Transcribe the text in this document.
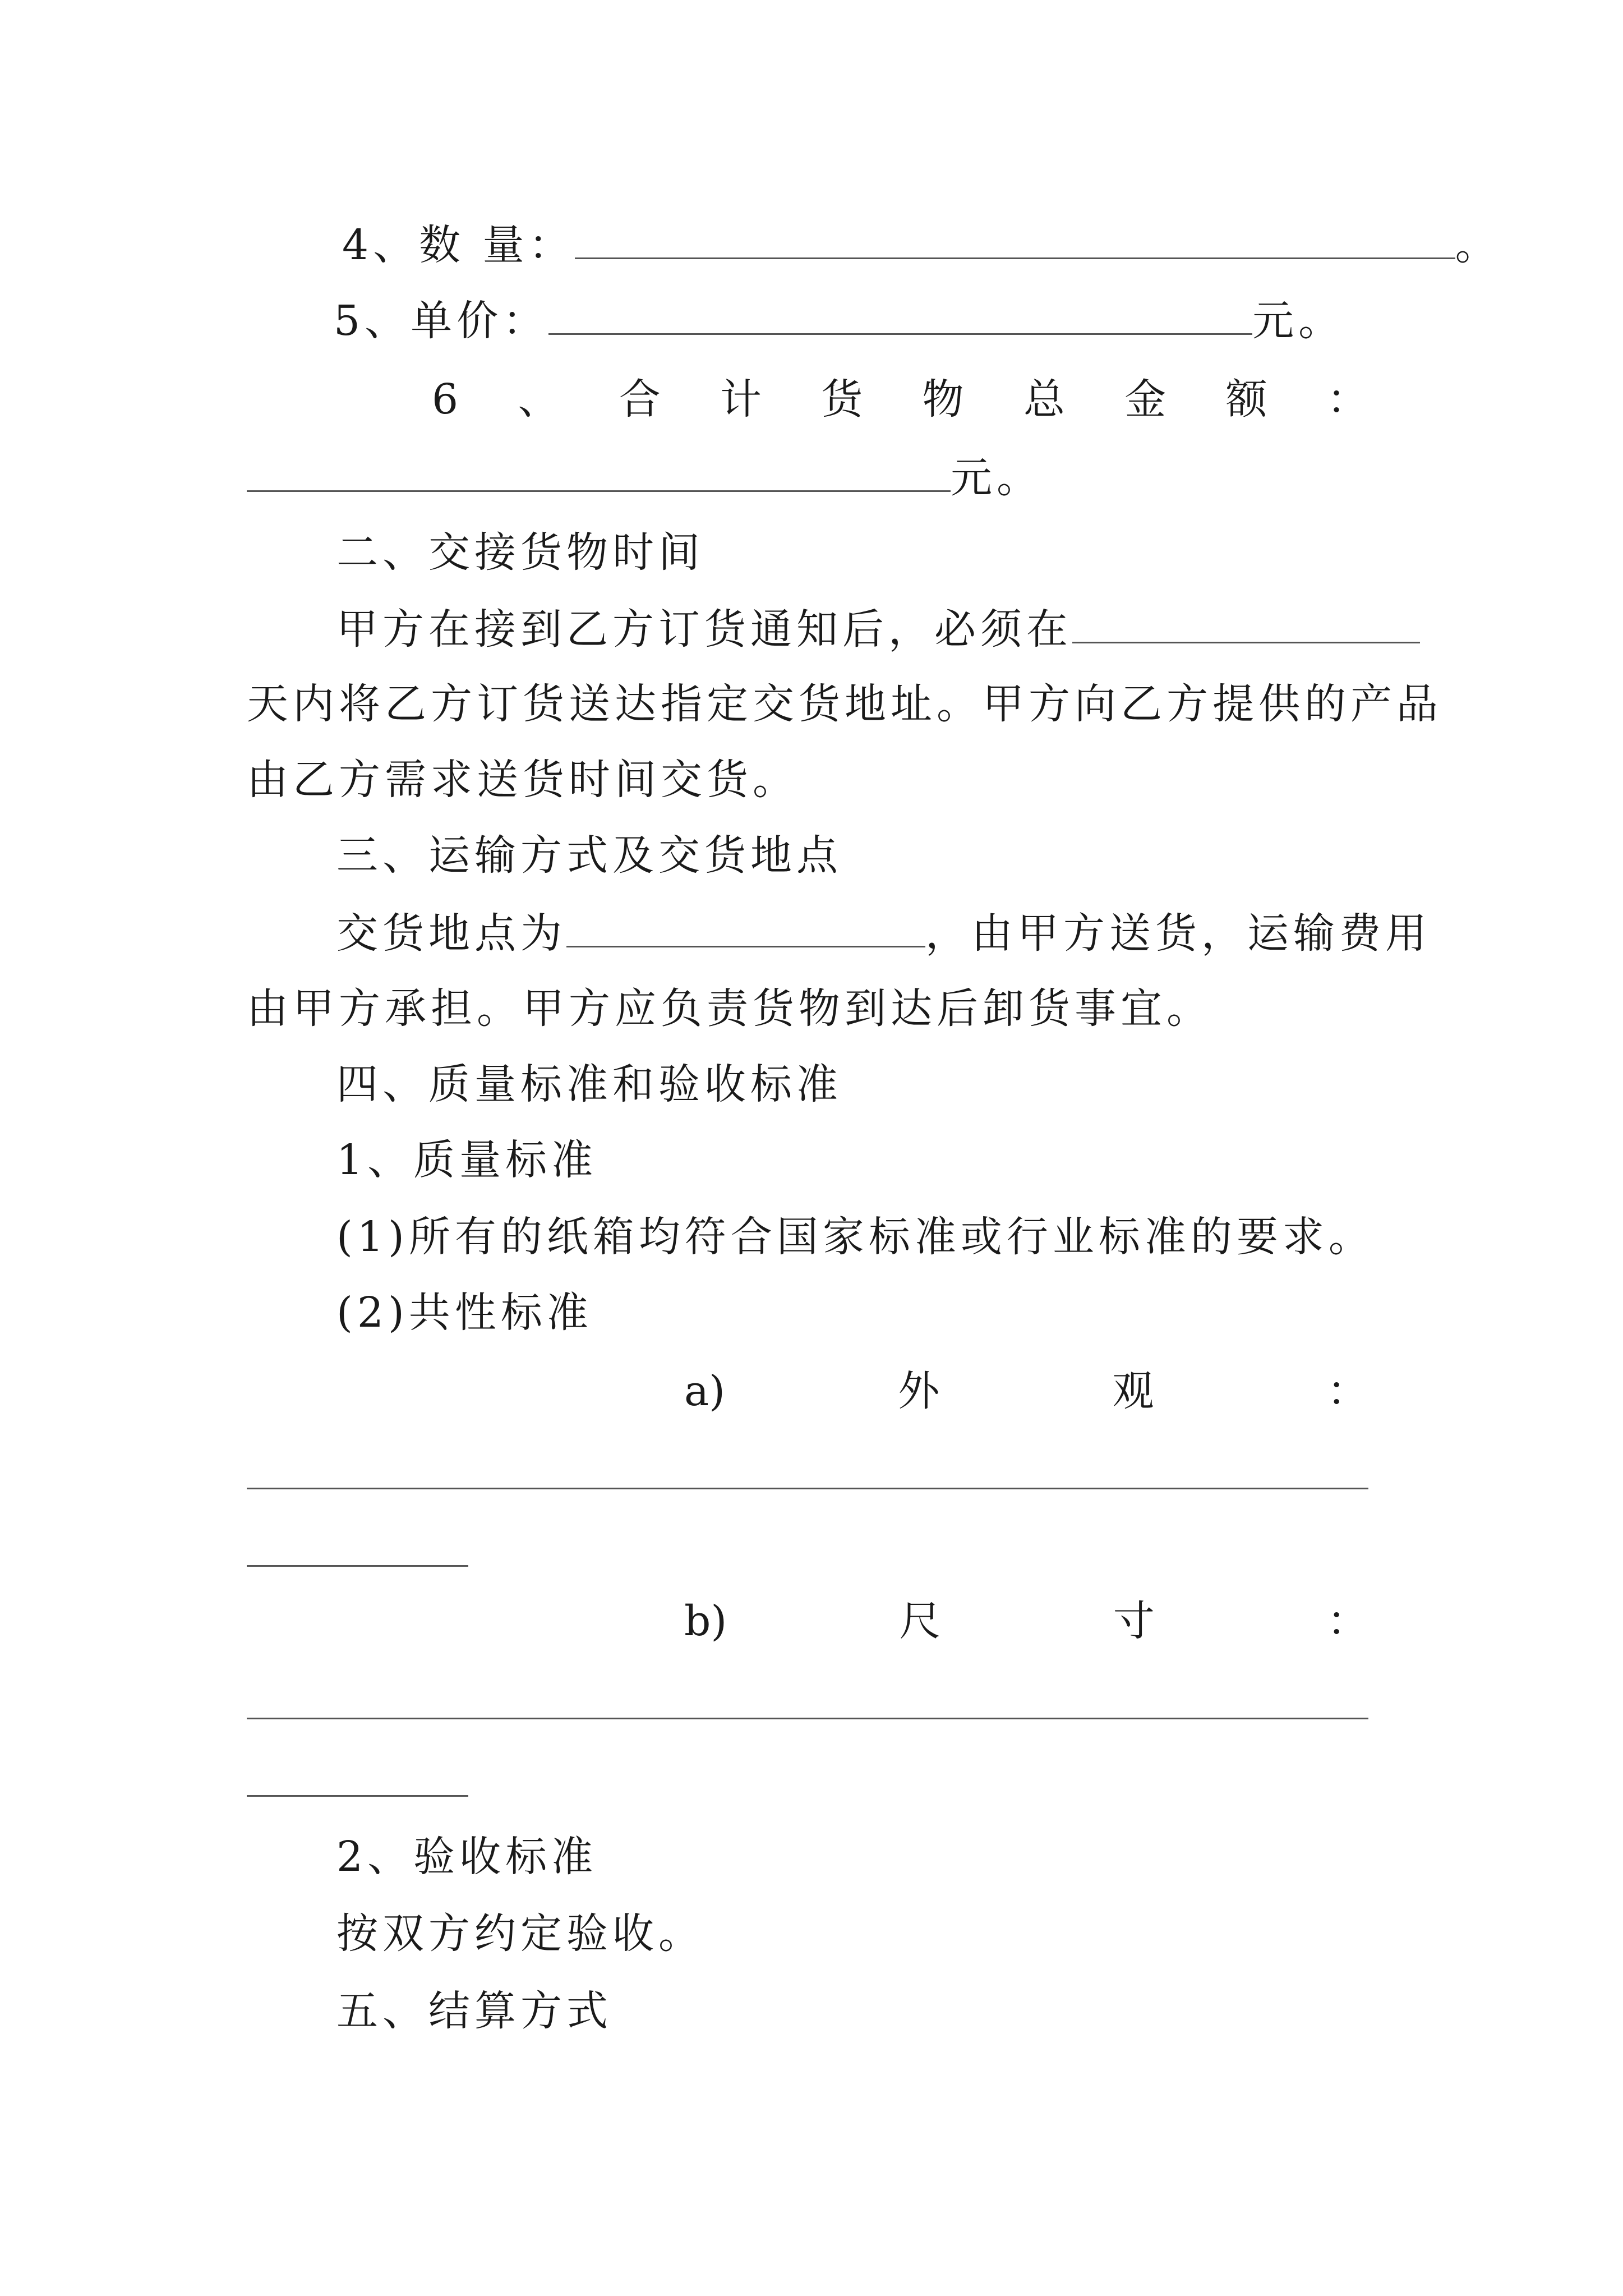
4、数 量：	。
5、单价：	元。
6 、 合 计 货 物 总 金 额 ：
元。
二、交接货物时间
甲方在接到乙方订货通知后，必须在
天内将乙方订货送达指定交货地址。甲方向乙方提供的产品
由乙方需求送货时间交货。
三、运输方式及交货地点
交货地点为	，由甲方送货，运输费用
由甲方承担。甲方应负责货物到达后卸货事宜。
四、质量标准和验收标准
1、质量标准
(1)所有的纸箱均符合国家标准或行业标准的要求。
(2)共性标准
a)	外	观	：
b)	尺	寸	：
2、验收标准
按双方约定验收。
五、结算方式
